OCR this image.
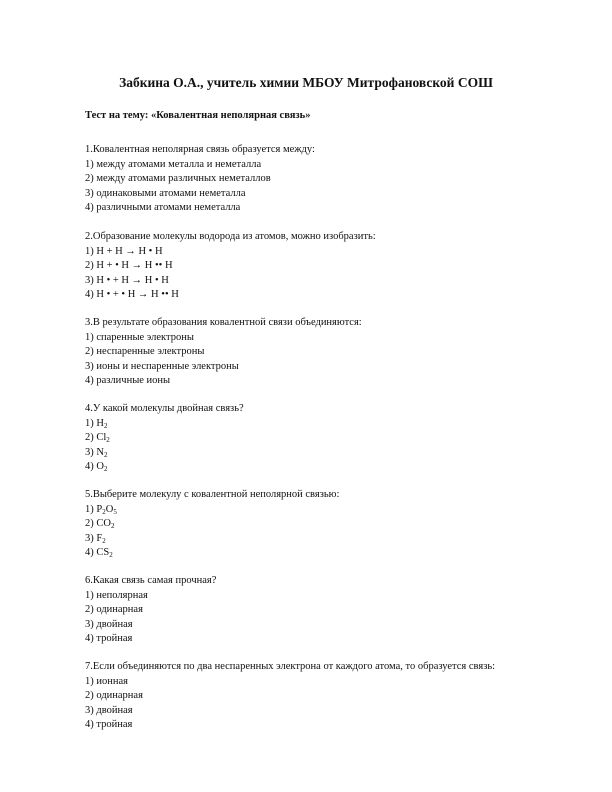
Забкина О.А., учитель химии МБОУ Митрофановской СОШ
Тест на тему: «Ковалентная неполярная связь»
1.Ковалентная неполярная связь образуется между:
1) между атомами металла и неметалла
2) между атомами различных неметаллов
3) одинаковыми атомами неметалла
4) различными атомами неметалла
2.Образование молекулы водорода из атомов, можно изобразить:
1) H + H → H • H
2) H + • H → H •• H
3) H • + H → H • H
4) H • + • H → H •• H
3.В результате образования ковалентной связи объединяются:
1) спаренные электроны
2) неспаренные электроны
3) ионы и неспаренные электроны
4) различные ионы
4.У какой молекулы двойная связь?
1) $H_2$
2) $Cl_2$
3) $N_2$
4) $O_2$
5.Выберите молекулу с ковалентной неполярной связью:
1) $P_2O_5$
2) $CO_2$
3) $F_2$
4) $CS_2$
6.Какая связь самая прочная?
1) неполярная
2) одинарная
3) двойная
4) тройная
7.Если объединяются по два неспаренных электрона от каждого атома, то образуется связь:
1) ионная
2) одинарная
3) двойная
4) тройная
